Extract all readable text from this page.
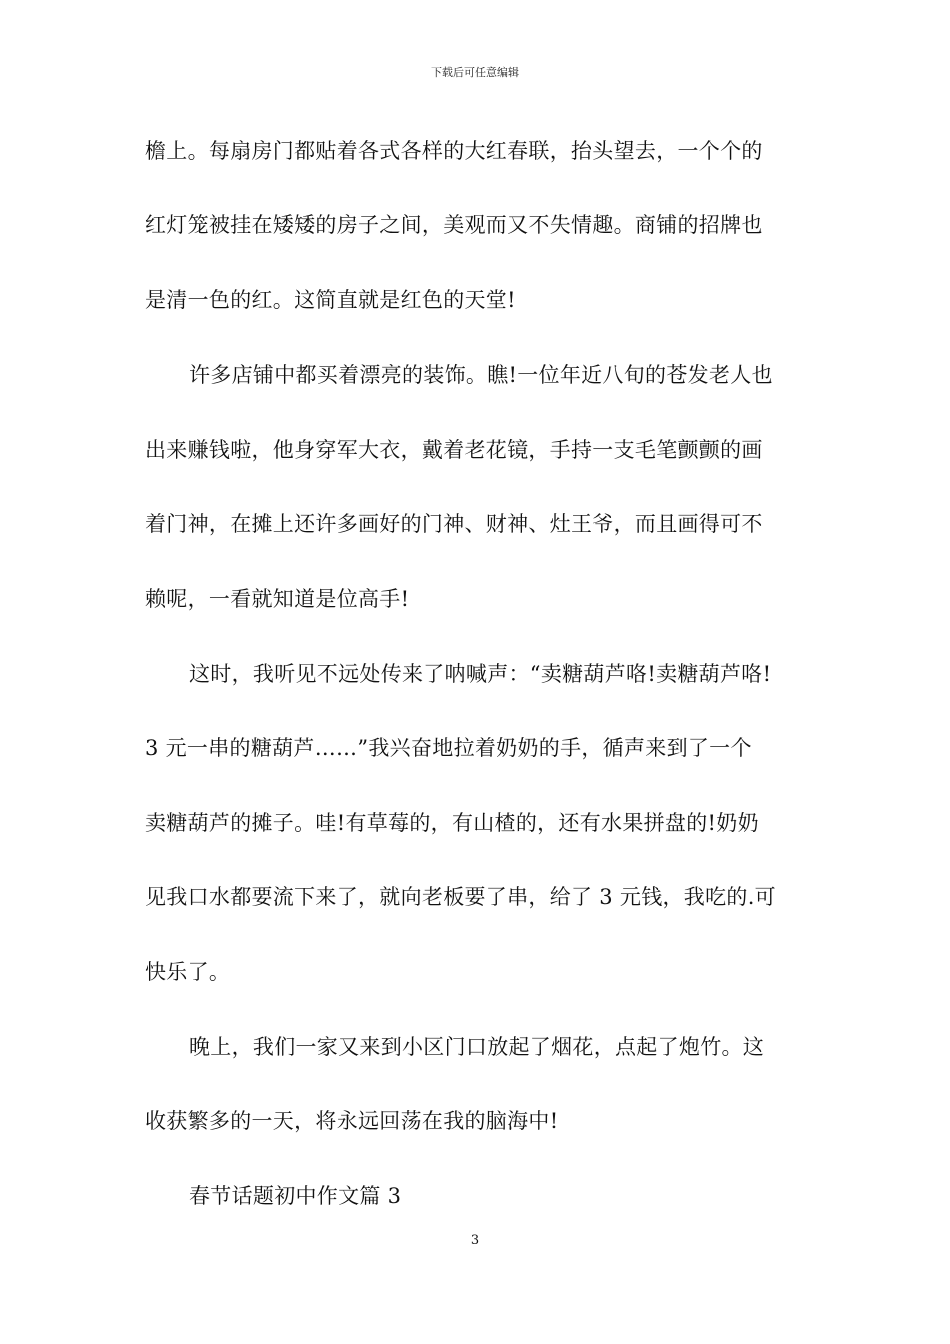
下载后可任意编辑
檐上。每扇房门都贴着各式各样的大红春联，抬头望去，一个个的
红灯笼被挂在矮矮的房子之间，美观而又不失情趣。商铺的招牌也
是清一色的红。这简直就是红色的天堂!
许多店铺中都买着漂亮的装饰。瞧!一位年近八旬的苍发老人也
出来赚钱啦，他身穿军大衣，戴着老花镜，手持一支毛笔颤颤的画
着门神，在摊上还许多画好的门神、财神、灶王爷，而且画得可不
赖呢，一看就知道是位高手!
这时，我听见不远处传来了呐喊声：“卖糖葫芦咯!卖糖葫芦咯!
3 元一串的糖葫芦……”我兴奋地拉着奶奶的手，循声来到了一个
卖糖葫芦的摊子。哇!有草莓的，有山楂的，还有水果拼盘的!奶奶
见我口水都要流下来了，就向老板要了串，给了 3 元钱，我吃的.可
快乐了。
晚上，我们一家又来到小区门口放起了烟花，点起了炮竹。这
收获繁多的一天，将永远回荡在我的脑海中!
春节话题初中作文篇 3
3
